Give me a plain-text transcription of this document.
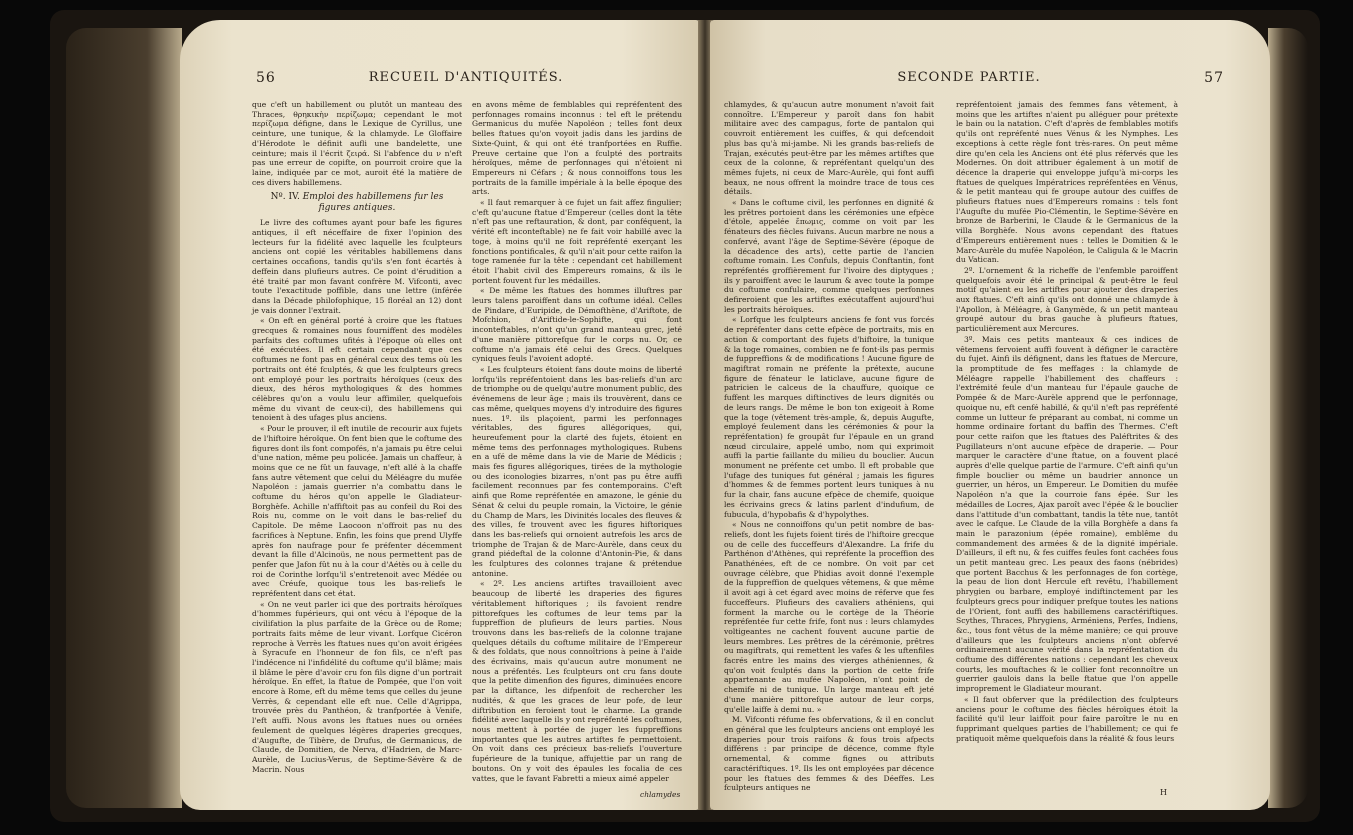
56	RECUEIL D'ANTIQUITÉS.

que c'eft un habillement ou plutôt un manteau des Thraces, θρηκικὴν περίζωμα; cependant le mot περίζωμα défigne, dans le Lexique de Cyrillus, une ceinture, une tunique, & la chlamyde. Le Gloffaire d'Hérodote le définit aufli une bandelette, une ceinture; mais il l'écrit ζειρά. Si l'abfence du ν n'eft pas une erreur de copifte, on pourroit croire que la laine, indiquée par ce mot, auroit été la matière de ces divers habillemens.

Nº. IV. Emploi des habillemens fur les figures antiques.

Le livre des coftumes ayant pour bafe les figures antiques, il eft néceffaire de fixer l'opinion des lecteurs fur la fidélité avec laquelle les fculpteurs anciens ont copié les véritables habillemens dans certaines occafions, tandis qu'ils s'en font écartés à deffein dans plufieurs autres. Ce point d'érudition a été traité par mon favant confrère M. Vifconti, avec toute l'exactitude poffible, dans une lettre (inférée dans la Décade philofophique, 15 floréal an 12) dont je vais donner l'extrait.

« On eft en général porté à croire que les ftatues grecques & romaines nous fourniffent des modèles parfaits des coftumes ufités à l'époque où elles ont été exécutées. Il eft certain cependant que ces coftumes ne font pas en général ceux des tems où les portraits ont été fculptés, & que les fculpteurs grecs ont employé pour les portraits héroïques (ceux des dieux, des héros mythologiques & des hommes célèbres qu'on a voulu leur affimiler, quelquefois même du vivant de ceux-ci), des habillemens qui tenoient à des ufages plus anciens.

« Pour le prouver, il eft inutile de recourir aux fujets de l'hiftoire héroïque. On fent bien que le coftume des figures dont ils font compofés, n'a jamais pu être celui d'une nation, même peu policée. Jamais un chaffeur, à moins que ce ne fût un fauvage, n'eft allé à la chaffe fans autre vêtement que celui du Méléagre du mufée Napoléon : jamais guerrier n'a combattu dans le coftume du héros qu'on appelle le Gladiateur-Borghèfe. Achille n'affiftoit pas au confeil du Roi des Rois nu, comme on le voit dans le bas-relief du Capitole. De même Laocoon n'offroit pas nu des facrifices à Neptune. Enfin, les foins que prend Ulyffe après fon naufrage pour fe préfenter décemment devant la fille d'Alcinoüs, ne nous permettent pas de penfer que Jafon fût nu à la cour d'Aétès ou à celle du roi de Corinthe lorfqu'il s'entretenoit avec Médée ou avec Créufe, quoique tous les bas-reliefs le repréfentent dans cet état.

« On ne veut parler ici que des portraits héroïques d'hommes fupérieurs, qui ont vécu à l'époque de la civilifation la plus parfaite de la Grèce ou de Rome; portraits faits même de leur vivant. Lorfque Cicéron reproche à Verrès les ftatues nues qu'on avoit érigées à Syracufe en l'honneur de fon fils, ce n'eft pas l'indécence ni l'infidélité du coftume qu'il blâme; mais il blâme le père d'avoir cru fon fils digne d'un portrait héroïque. En effet, la ftatue de Pompée, que l'on voit encore à Rome, eft du même tems que celles du jeune Verrès, & cependant elle eft nue. Celle d'Agrippa, trouvée près du Panthéon, & tranfportée à Venife, l'eft auffi. Nous avons les ftatues nues ou ornées feulement de quelques légères draperies grecques, d'Augufte, de Tibère, de Drufus, de Germanicus, de Claude, de Domitien, de Nerva, d'Hadrien, de Marc-Aurèle, de Lucius-Verus, de Septime-Sévère & de Macrin. Nous

en avons même de femblables qui repréfentent des perfonnages romains inconnus : tel eft le prétendu Germanicus du mufée Napoléon ; telles font deux belles ftatues qu'on voyoit jadis dans les jardins de Sixte-Quint, & qui ont été tranfportées en Ruffie. Preuve certaine que l'on a fculpté des portraits héroïques, même de perfonnages qui n'étoient ni Empereurs ni Céfars ; & nous connoiffons tous les portraits de la famille impériale à la belle époque des arts.

« Il faut remarquer à ce fujet un fait affez fingulier; c'eft qu'aucune ftatue d'Empereur (celles dont la tête n'eft pas une reftauration, & dont, par conféquent, la vérité eft inconteftable) ne fe fait voir habillé avec la toge, à moins qu'il ne foit repréfenté exerçant les fonctions pontificales, & qu'il n'ait pour cette raifon la toge ramenée fur la tête : cependant cet habillement étoit l'habit civil des Empereurs romains, & ils le portent fouvent fur les médailles.

« De même les ftatues des hommes illuftres par leurs talens paroiffent dans un coftume idéal. Celles de Pindare, d'Euripide, de Démofthène, d'Ariftote, de Mofchion, d'Ariftide-le-Sophifte, qui font inconteftables, n'ont qu'un grand manteau grec, jeté d'une manière pittorefque fur le corps nu. Or, ce coftume n'a jamais été celui des Grecs. Quelques cyniques feuls l'avoient adopté.

« Les fculpteurs étoient fans doute moins de liberté lorfqu'ils repréfentoient dans les bas-reliefs d'un arc de triomphe ou de quelqu'autre monument public, des événemens de leur âge ; mais ils trouvèrent, dans ce cas même, quelques moyens d'y introduire des figures nues. 1º. ils plaçoient, parmi les perfonnages véritables, des figures allégoriques, qui, heureufement pour la clarté des fujets, étoient en même tems des perfonnages mythologiques. Rubens en a ufé de même dans la vie de Marie de Médicis ; mais fes figures allégoriques, tirées de la mythologie ou des iconologies bizarres, n'ont pas pu être auffi facilement reconnues par fes contemporains. C'eft ainfi que Rome repréfentée en amazone, le génie du Sénat & celui du peuple romain, la Victoire, le génie du Champ de Mars, les Divinités locales des fleuves & des villes, fe trouvent avec les figures hiftoriques dans les bas-reliefs qui ornoient autrefois les arcs de triomphe de Trajan & de Marc-Aurèle, dans ceux du grand piédeftal de la colonne d'Antonin-Pie, & dans les fculptures des colonnes trajane & prétendue antonine.

« 2º. Les anciens artiftes travailloient avec beaucoup de liberté les draperies des figures véritablement hiftoriques ; ils favoient rendre pittorefques les coftumes de leur tems par la fuppreffion de plufieurs de leurs parties. Nous trouvons dans les bas-reliefs de la colonne trajane quelques détails du coftume militaire de l'Empereur & des foldats, que nous connoîtrions à peine à l'aide des écrivains, mais qu'aucun autre monument ne nous a préfentés. Les fculpteurs ont cru fans doute que la petite dimenfion des figures, diminuées encore par la diftance, les difpenfoit de rechercher les nudités, & que les graces de leur pofe, de leur diftribution en feroient tout le charme. La grande fidélité avec laquelle ils y ont repréfenté les coftumes, nous mettent à portée de juger les fuppreffions importantes que les autres artiftes fe permettoient. On voit dans ces précieux bas-reliefs l'ouverture fupérieure de la tunique, affujettie par un rang de boutons. On y voit des épaules les focalia de ces vattes, que le favant Fabretti a mieux aimé appeler

chlamydes
SECONDE PARTIE.	57

chlamydes, & qu'aucun autre monument n'avoit fait connoître. L'Empereur y paroît dans fon habit militaire avec des campagus, forte de pantalon qui couvroit entièrement les cuiffes, & qui defcendoit plus bas qu'à mi-jambe. Ni les grands bas-reliefs de Trajan, exécutés peut-être par les mêmes artiftes que ceux de la colonne, & repréfentant quelqu'un des mêmes fujets, ni ceux de Marc-Aurèle, qui font auffi beaux, ne nous offrent la moindre trace de tous ces détails.

« Dans le coftume civil, les perfonnes en dignité & les prêtres portoient dans les cérémonies une efpèce d'étole, appelée ἔπωμις, comme on voit par les fénateurs des fiècles fuivans. Aucun marbre ne nous a confervé, avant l'âge de Septime-Sévère (époque de la décadence des arts), cette partie de l'ancien coftume romain. Les Confuls, depuis Conftantin, font repréfentés groffièrement fur l'ivoire des diptyques ; ils y paroiffent avec le laurum & avec toute la pompe du coftume confulaire, comme quelques perfonnes defireroient que les artiftes exécutaffent aujourd'hui les portraits héroïques.

« Lorfque les fculpteurs anciens fe font vus forcés de repréfenter dans cette efpèce de portraits, mis en action & comportant des fujets d'hiftoire, la tunique & la toge romaines, combien ne fe font-ils pas permis de fuppreffions & de modifications ! Aucune figure de magiftrat romain ne préfente la prétexte, aucune figure de fénateur le laticlave, aucune figure de patricien le calceus de la chauffure, quoique ce fuffent les marques diftinctives de leurs dignités ou de leurs rangs. De même le bon ton exigeoit à Rome que la toge (vêtement très-ample, &, depuis Augufte, employé feulement dans les cérémonies & pour la repréfentation) fe groupât fur l'épaule en un grand nœud circulaire, appelé umbo, nom qui exprimoit auffi la partie faillante du milieu du bouclier. Aucun monument ne préfente cet umbo. Il eft probable que l'ufage des tuniques fut général ; jamais les figures d'hommes & de femmes portent leurs tuniques à nu fur la chair, fans aucune efpèce de chemife, quoique les écrivains grecs & latins parlent d'indufium, de fubucula, d'hypobafis & d'hypolythes.

« Nous ne connoiffons qu'un petit nombre de bas-reliefs, dont les fujets foient tirés de l'hiftoire grecque ou de celle des fucceffeurs d'Alexandre. La frife du Parthénon d'Athènes, qui repréfente la proceffion des Panathénées, eft de ce nombre. On voit par cet ouvrage célèbre, que Phidias avoit donné l'exemple de la fuppreffion de quelques vêtemens, & que même il avoit agi à cet égard avec moins de réferve que fes fucceffeurs. Plufieurs des cavaliers athéniens, qui forment la marche ou le cortège de la Théorie repréfentée fur cette frife, font nus : leurs chlamydes voltigeantes ne cachent fouvent aucune partie de leurs membres. Les prêtres de la cérémonie, prêtres ou magiftrats, qui remettent les vafes & les uftenfiles facrés entre les mains des vierges athéniennes, & qu'on voit fculptés dans la portion de cette frife appartenante au mufée Napoléon, n'ont point de chemife ni de tunique. Un large manteau eft jeté d'une manière pittorefque autour de leur corps, qu'elle laiffe à demi nu. »

M. Vifconti réfume fes obfervations, & il en conclut en général que les fculpteurs anciens ont employé les draperies pour trois raifons & fous trois afpects différens : par principe de décence, comme ftyle ornemental, & comme fignes ou attributs caractériftiques. 1º. Ils les ont employées par décence pour les ftatues des femmes & des Déeffes. Les fculpteurs antiques ne

repréfentoient jamais des femmes fans vêtement, à moins que les artiftes n'aient pu alléguer pour prétexte le bain ou la natation. C'eft d'après de femblables motifs qu'ils ont repréfenté nues Vénus & les Nymphes. Les exceptions à cette règle font très-rares. On peut même dire qu'en cela les Anciens ont été plus réfervés que les Modernes. On doit attribuer également à un motif de décence la draperie qui enveloppe jufqu'à mi-corps les ftatues de quelques Impératrices repréfentées en Vénus, & le petit manteau qui fe groupe autour des cuiffes de plufieurs ftatues nues d'Empereurs romains : tels font l'Augufte du mufée Pio-Clémentin, le Septime-Sévère en bronze de Barberini, le Claude & le Germanicus de la villa Borghèfe. Nous avons cependant des ftatues d'Empereurs entièrement nues : telles le Domitien & le Marc-Aurèle du mufée Napoléon, le Caligula & le Macrin du Vatican.

2º. L'ornement & la richeffe de l'enfemble paroiffent quelquefois avoir été le principal & peut-être le feul motif qu'aient eu les artiftes pour ajouter des draperies aux ftatues. C'eft ainfi qu'ils ont donné une chlamyde à l'Apollon, à Méléagre, à Ganymède, & un petit manteau groupé autour du bras gauche à plufieurs ftatues, particulièrement aux Mercures.

3º. Mais ces petits manteaux & ces indices de vêtemens fervoient auffi fouvent à défigner le caractère du fujet. Ainfi ils défignent, dans les ftatues de Mercure, la promptitude de fes meffages : la chlamyde de Méléagre rappelle l'habillement des chaffeurs : l'extrémité feule d'un manteau fur l'épaule gauche de Pompée & de Marc-Aurèle apprend que le perfonnage, quoique nu, eft cenfé habillé, & qu'il n'eft pas repréfenté comme un lutteur fe préparant au combat, ni comme un homme ordinaire fortant du baffin des Thermes. C'eft pour cette raifon que les ftatues des Paléftrites & des Pugillateurs n'ont aucune efpèce de draperie. — Pour marquer le caractère d'une ftatue, on a fouvent placé auprès d'elle quelque partie de l'armure. C'eft ainfi qu'un fimple bouclier ou même un baudrier annonce un guerrier, un héros, un Empereur. Le Domitien du mufée Napoléon n'a que la courroie fans épée. Sur les médailles de Locres, Ajax paroît avec l'épée & le bouclier dans l'attitude d'un combattant, tandis la tête nue, tantôt avec le cafque. Le Claude de la villa Borghèfe a dans fa main le parazonium (épée romaine), emblême du commandement des armées & de la dignité impériale. D'ailleurs, il eft nu, & fes cuiffes feules font cachées fous un petit manteau grec. Les peaux des faons (nébrides) que portent Bacchus & les perfonnages de fon cortège, la peau de lion dont Hercule eft revêtu, l'habillement phrygien ou barbare, employé indiftinctement par les fculpteurs grecs pour indiquer prefque toutes les nations de l'Orient, font auffi des habillemens caractériftiques. Scythes, Thraces, Phrygiens, Arméniens, Perfes, Indiens, &c., tous font vêtus de la même manière; ce qui prouve d'ailleurs que les fculpteurs anciens n'ont obfervé ordinairement aucune vérité dans la repréfentation du coftume des différentes nations : cependant les cheveux courts, les mouftaches & le collier font reconnoître un guerrier gaulois dans la belle ftatue que l'on appelle improprement le Gladiateur mourant.

« Il faut obferver que la prédilection des fculpteurs anciens pour le coftume des fiècles héroïques étoit la facilité qu'il leur laiffoit pour faire paroître le nu en fupprimant quelques parties de l'habillement; ce qui fe pratiquoit même quelquefois dans la réalité & fous leurs

H
